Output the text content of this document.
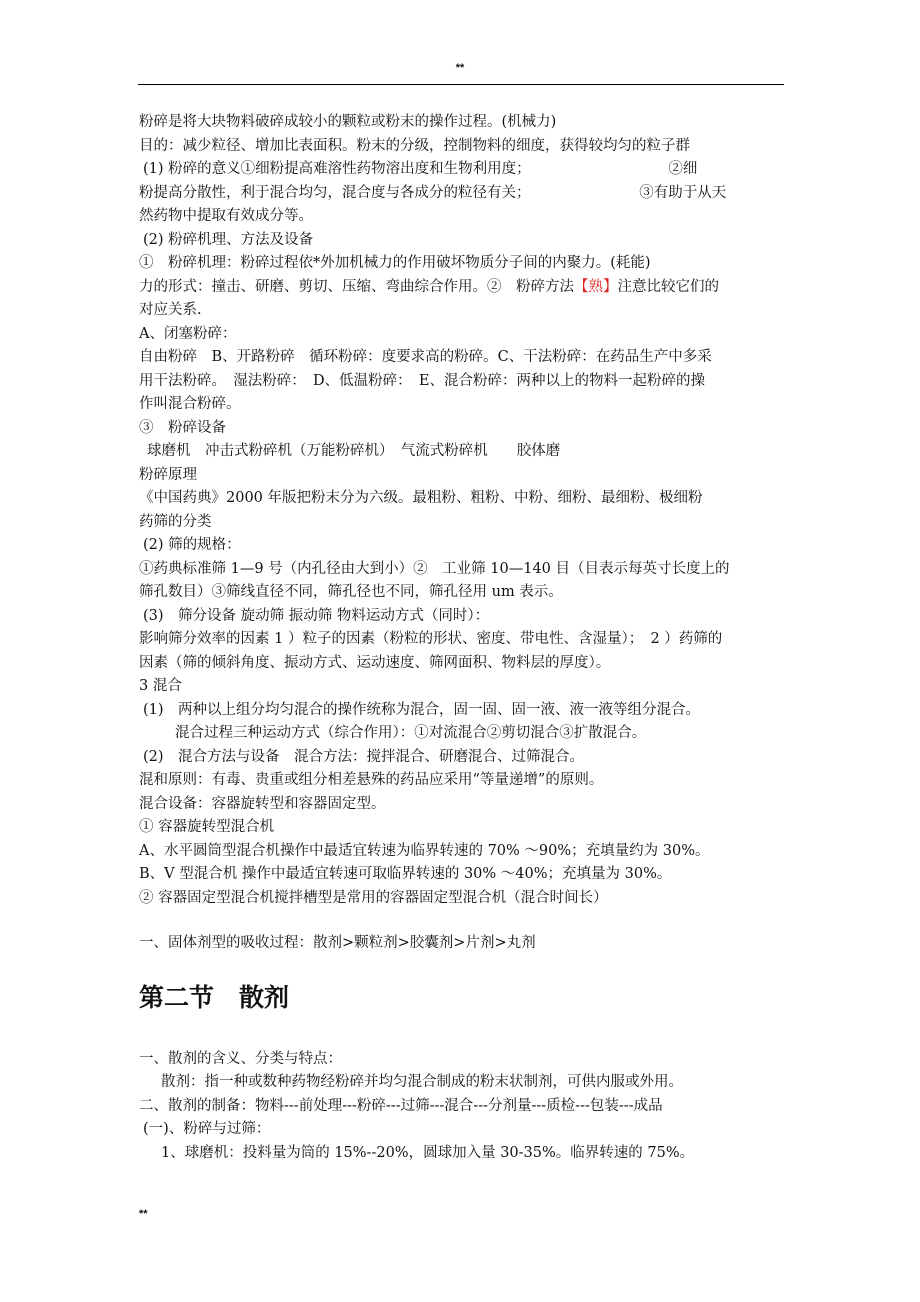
**
粉碎是将大块物料破碎成较小的颗粒或粉末的操作过程。(机械力)
目的：减少粒径、增加比表面积。粉末的分级，控制物料的细度，获得较均匀的粒子群
(1) 粉碎的意义①细粉提高难溶性药物溶出度和生物利用度；　　　　　　　　　　②细
粉提高分散性，利于混合均匀，混合度与各成分的粒径有关；　　　　　　　　③有助于从天
然药物中提取有效成分等。
(2) 粉碎机理、方法及设备
①　粉碎机理：粉碎过程依*外加机械力的作用破坏物质分子间的内聚力。(耗能)
力的形式：撞击、研磨、剪切、压缩、弯曲综合作用。②　粉碎方法【熟】注意比较它们的
对应关系.
A、闭塞粉碎：
自由粉碎　B、开路粉碎　循环粉碎：度要求高的粉碎。C、干法粉碎：在药品生产中多采
用干法粉碎。　湿法粉碎：　D、低温粉碎：　E、混合粉碎：两种以上的物料一起粉碎的操
作叫混合粉碎。
③　粉碎设备
球磨机　冲击式粉碎机（万能粉碎机）　气流式粉碎机　　胶体磨
粉碎原理
《中国药典》2000 年版把粉末分为六级。最粗粉、粗粉、中粉、细粉、最细粉、极细粉
药筛的分类
(2) 筛的规格：
①药典标准筛 1—9 号（内孔径由大到小）②　工业筛 10—140 目（目表示每英寸长度上的
筛孔数目）③筛线直径不同，筛孔径也不同，筛孔径用 um 表示。
(3)　筛分设备 旋动筛 振动筛 物料运动方式（同时）：
影响筛分效率的因素 1 ）粒子的因素（粉粒的形状、密度、带电性、含湿量）；　2 ）药筛的
因素（筛的倾斜角度、振动方式、运动速度、筛网面积、物料层的厚度）。
3 混合
(1)　两种以上组分均匀混合的操作统称为混合，固一固、固一液、液一液等组分混合。
混合过程三种运动方式（综合作用）：①对流混合②剪切混合③扩散混合。
(2)　混合方法与设备　混合方法：搅拌混合、研磨混合、过筛混合。
混和原则：有毒、贵重或组分相差悬殊的药品应采用“等量递增”的原则。
混合设备：容器旋转型和容器固定型。
① 容器旋转型混合机
A、水平圆筒型混合机操作中最适宜转速为临界转速的 70% ～90%；充填量约为 30%。
B、V 型混合机 操作中最适宜转速可取临界转速的 30% ～40%；充填量为 30%。
② 容器固定型混合机搅拌槽型是常用的容器固定型混合机（混合时间长）
一、固体剂型的吸收过程：散剂>颗粒剂>胶囊剂>片剂>丸剂
第二节　散剂
一、散剂的含义、分类与特点：
散剂：指一种或数种药物经粉碎并均匀混合制成的粉末状制剂，可供内服或外用。
二、散剂的制备：物料---前处理---粉碎---过筛---混合---分剂量---质检---包装---成品
(一)、粉碎与过筛：
1、球磨机：投料量为筒的 15%--20%，圆球加入量 30-35%。临界转速的 75%。
**
